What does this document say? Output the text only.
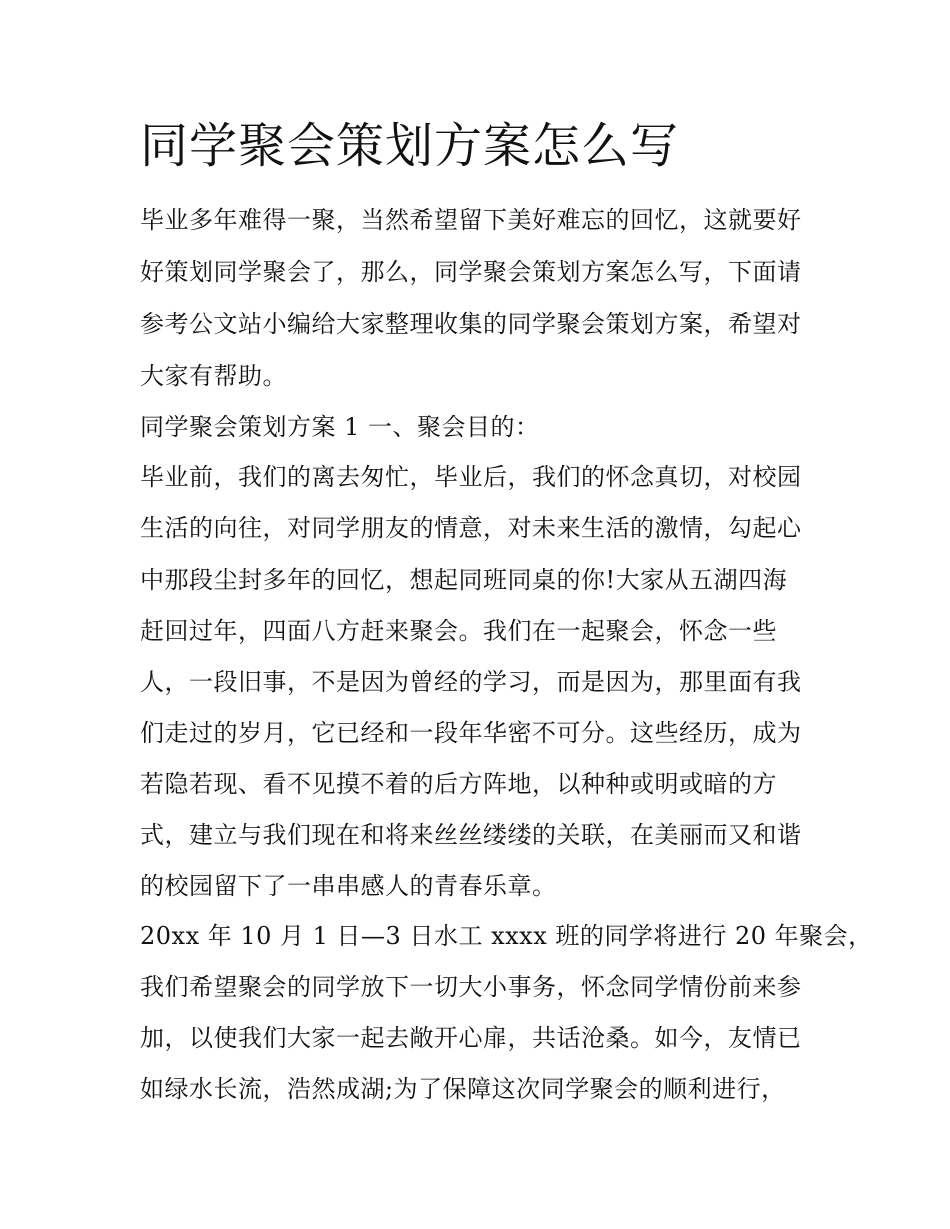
同学聚会策划方案怎么写

毕业多年难得一聚，当然希望留下美好难忘的回忆，这就要好

好策划同学聚会了，那么，同学聚会策划方案怎么写，下面请

参考公文站小编给大家整理收集的同学聚会策划方案，希望对

大家有帮助。

同学聚会策划方案 1 一、聚会目的：

毕业前，我们的离去匆忙，毕业后，我们的怀念真切，对校园

生活的向往，对同学朋友的情意，对未来生活的激情，勾起心

中那段尘封多年的回忆，想起同班同桌的你!大家从五湖四海

赶回过年，四面八方赶来聚会。我们在一起聚会，怀念一些

人，一段旧事，不是因为曾经的学习，而是因为，那里面有我

们走过的岁月，它已经和一段年华密不可分。这些经历，成为

若隐若现、看不见摸不着的后方阵地，以种种或明或暗的方

式，建立与我们现在和将来丝丝缕缕的关联，在美丽而又和谐

的校园留下了一串串感人的青春乐章。

20xx 年 10 月 1 日—3 日水工 xxxx 班的同学将进行 20 年聚会，

我们希望聚会的同学放下一切大小事务，怀念同学情份前来参

加，以使我们大家一起去敞开心扉，共话沧桑。如今，友情已

如绿水长流，浩然成湖;为了保障这次同学聚会的顺利进行，
